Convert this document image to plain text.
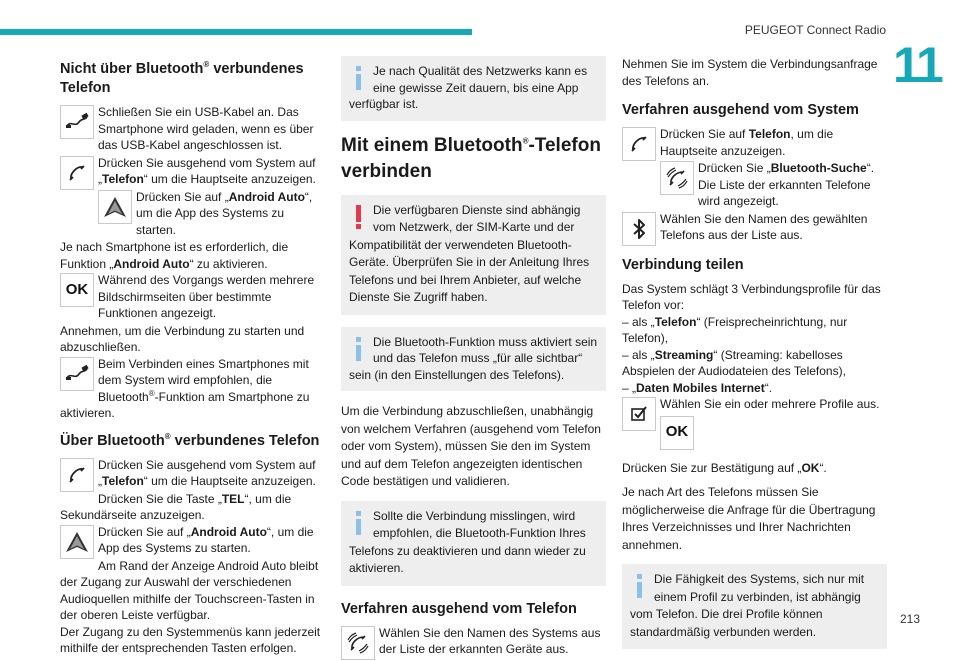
PEUGEOT Connect Radio
11
Nicht über Bluetooth® verbundenes Telefon
Schließen Sie ein USB-Kabel an. Das Smartphone wird geladen, wenn es über das USB-Kabel angeschlossen ist.
Drücken Sie ausgehend vom System auf „Telefon“ um die Hauptseite anzuzeigen.
Drücken Sie auf „Android Auto“, um die App des Systems zu starten.

Je nach Smartphone ist es erforderlich, die Funktion „Android Auto“ zu aktivieren.

OK
Während des Vorgangs werden mehrere Bildschirmseiten über bestimmte Funktionen angezeigt.

Annehmen, um die Verbindung zu starten und abzuschließen.

Beim Verbinden eines Smartphones mit dem System wird empfohlen, die Bluetooth®-Funktion am Smartphone zu aktivieren.
Über Bluetooth® verbundenes Telefon
Drücken Sie ausgehend vom System auf „Telefon“ um die Hauptseite anzuzeigen.

Drücken Sie die Taste „TEL“, um die Sekundärseite anzuzeigen.

Drücken Sie auf „Android Auto“, um die App des Systems zu starten.

Am Rand der Anzeige Android Auto bleibt der Zugang zur Auswahl der verschiedenen Audioquellen mithilfe der Touchscreen-Tasten in der oberen Leiste verfügbar.

Der Zugang zu den Systemmenüs kann jederzeit mithilfe der entsprechenden Tasten erfolgen.

Je nach Qualität des Netzwerks kann es eine gewisse Zeit dauern, bis eine App verfügbar ist.
Mit einem Bluetooth®-Telefon verbinden
Die verfügbaren Dienste sind abhängig vom Netzwerk, der SIM-Karte und der Kompatibilität der verwendeten Bluetooth-Geräte. Überprüfen Sie in der Anleitung Ihres Telefons und bei Ihrem Anbieter, auf welche Dienste Sie Zugriff haben.
Die Bluetooth-Funktion muss aktiviert sein und das Telefon muss „für alle sichtbar“ sein (in den Einstellungen des Telefons).

Um die Verbindung abzuschließen, unabhängig von welchem Verfahren (ausgehend vom Telefon oder vom System), müssen Sie den im System und auf dem Telefon angezeigten identischen Code bestätigen und validieren.

Sollte die Verbindung misslingen, wird empfohlen, die Bluetooth-Funktion Ihres Telefons zu deaktivieren und dann wieder zu aktivieren.
Verfahren ausgehend vom Telefon
Wählen Sie den Namen des Systems aus der Liste der erkannten Geräte aus.

Nehmen Sie im System die Verbindungsanfrage des Telefons an.

Verfahren ausgehend vom System
Drücken Sie auf Telefon, um die Hauptseite anzuzeigen.
Drücken Sie „Bluetooth-Suche“. Die Liste der erkannten Telefone wird angezeigt.
Wählen Sie den Namen des gewählten Telefons aus der Liste aus.
Verbindung teilen

Das System schlägt 3 Verbindungsprofile für das Telefon vor:

– als „Telefon“ (Freisprecheinrichtung, nur Telefon),

– als „Streaming“ (Streaming: kabelloses Abspielen der Audiodateien des Telefons),

– „Daten Mobiles Internet“.

Wählen Sie ein oder mehrere Profile aus.
OK
Drücken Sie zur Bestätigung auf „OK“.

Je nach Art des Telefons müssen Sie möglicherweise die Anfrage für die Übertragung Ihres Verzeichnisses und Ihrer Nachrichten annehmen.

Die Fähigkeit des Systems, sich nur mit einem Profil zu verbinden, ist abhängig vom Telefon. Die drei Profile können standardmäßig verbunden werden.
213
